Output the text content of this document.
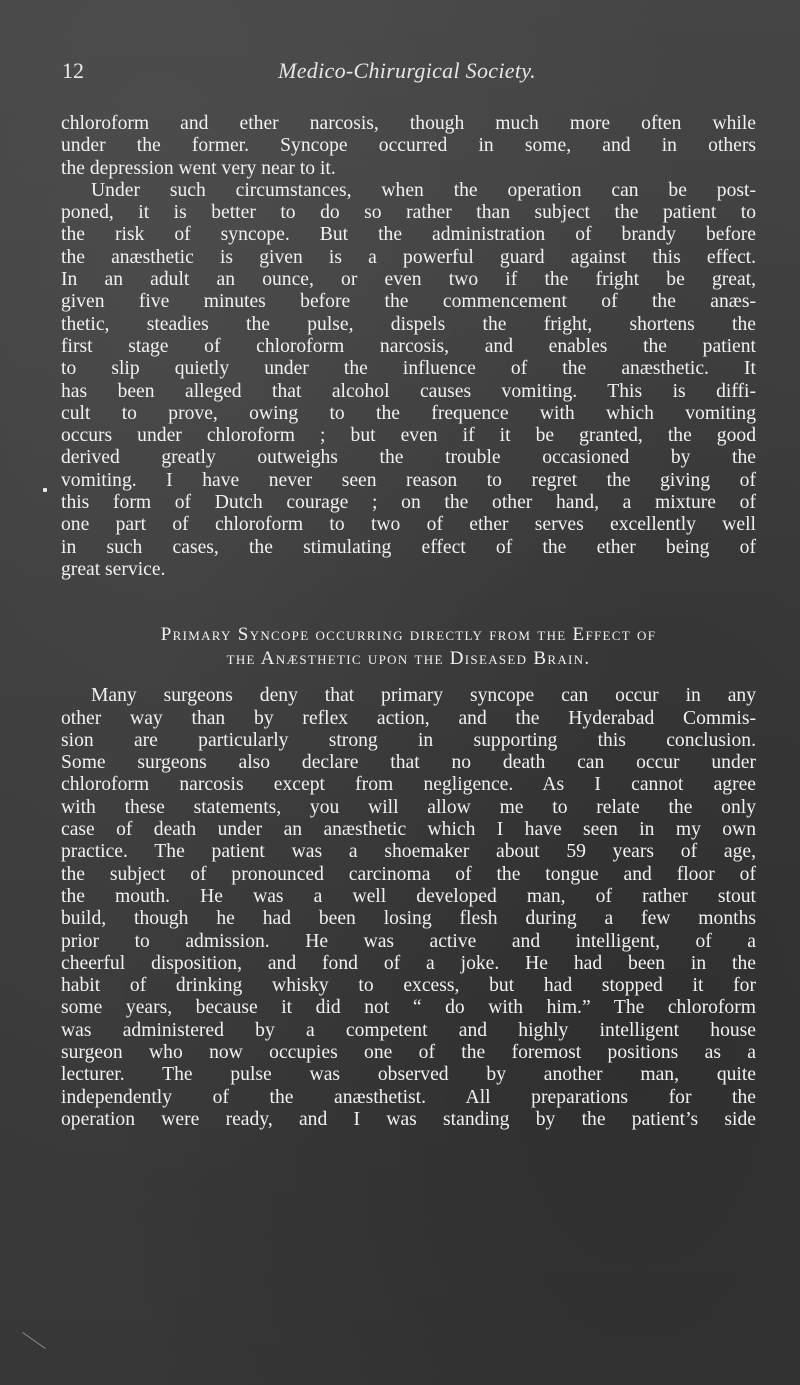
12	Medico-Chirurgical Society.
chloroform and ether narcosis, though much more often while
under the former. Syncope occurred in some, and in others
the depression went very near to it.
Under such circumstances, when the operation can be post-
poned, it is better to do so rather than subject the patient to
the risk of syncope. But the administration of brandy before
the anæsthetic is given is a powerful guard against this effect.
In an adult an ounce, or even two if the fright be great,
given five minutes before the commencement of the anæs-
thetic, steadies the pulse, dispels the fright, shortens the
first stage of chloroform narcosis, and enables the patient
to slip quietly under the influence of the anæsthetic. It
has been alleged that alcohol causes vomiting. This is diffi-
cult to prove, owing to the frequence with which vomiting
occurs under chloroform ; but even if it be granted, the good
derived greatly outweighs the trouble occasioned by the
vomiting. I have never seen reason to regret the giving of
this form of Dutch courage ; on the other hand, a mixture of
one part of chloroform to two of ether serves excellently well
in such cases, the stimulating effect of the ether being of
great service.
Primary Syncope occurring directly from the Effect of
the Anæsthetic upon the Diseased Brain.
Many surgeons deny that primary syncope can occur in any
other way than by reflex action, and the Hyderabad Commis-
sion are particularly strong in supporting this conclusion.
Some surgeons also declare that no death can occur under
chloroform narcosis except from negligence. As I cannot agree
with these statements, you will allow me to relate the only
case of death under an anæsthetic which I have seen in my own
practice. The patient was a shoemaker about 59 years of age,
the subject of pronounced carcinoma of the tongue and floor of
the mouth. He was a well developed man, of rather stout
build, though he had been losing flesh during a few months
prior to admission. He was active and intelligent, of a
cheerful disposition, and fond of a joke. He had been in the
habit of drinking whisky to excess, but had stopped it for
some years, because it did not “ do with him.” The chloroform
was administered by a competent and highly intelligent house
surgeon who now occupies one of the foremost positions as a
lecturer. The pulse was observed by another man, quite
independently of the anæsthetist. All preparations for the
operation were ready, and I was standing by the patient’s side
